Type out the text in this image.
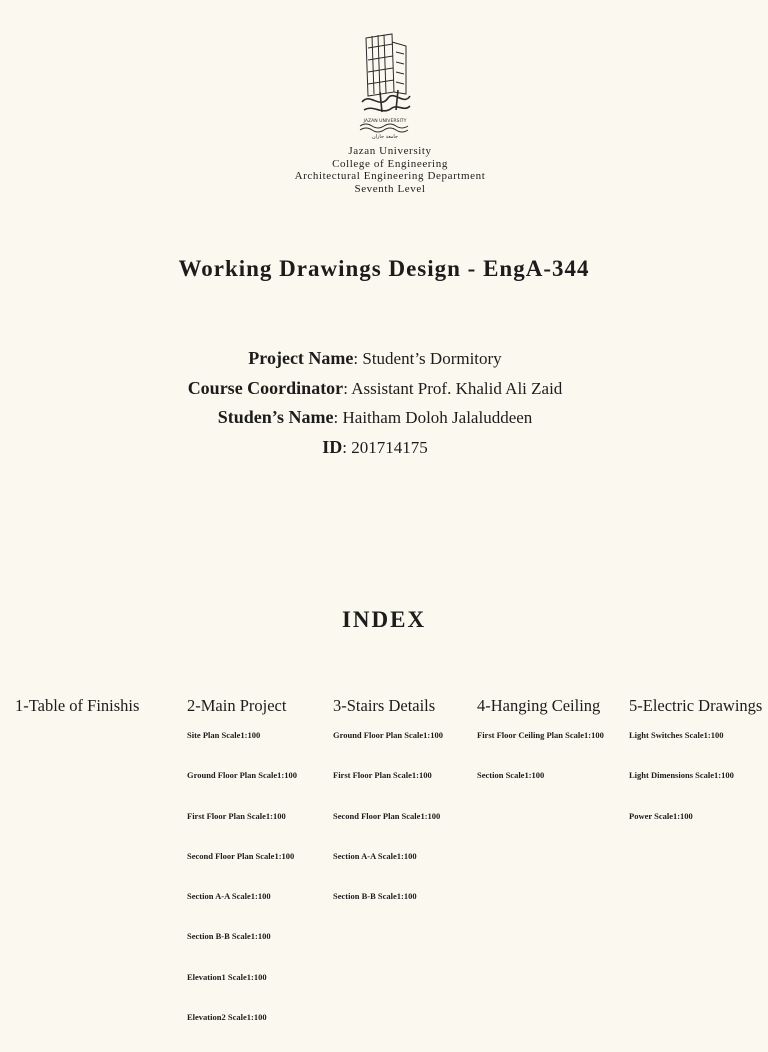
JAZAN UNIVERSITY
جامعة جازان
Jazan University
College of Engineering
Architectural Engineering Department
Seventh Level
Working Drawings Design - EngA-344
Project Name: Student’s Dormitory
Course Coordinator: Assistant Prof. Khalid Ali Zaid
Studen’s Name: Haitham Doloh Jalaluddeen
ID: 201714175
INDEX
1-Table of Finishis	2-Main Project
Site Plan Scale1:100
Ground Floor Plan Scale1:100
First Floor Plan Scale1:100
Second Floor Plan Scale1:100
Section A-A Scale1:100
Section B-B Scale1:100
Elevation1 Scale1:100
Elevation2 Scale1:100
3-Stairs Details
Ground Floor Plan Scale1:100
First Floor Plan Scale1:100
Second Floor Plan Scale1:100
Section A-A Scale1:100
Section B-B Scale1:100
4-Hanging Ceiling
First Floor Ceiling Plan Scale1:100
Section Scale1:100
5-Electric Drawings
Light Switches Scale1:100
Light Dimensions Scale1:100
Power Scale1:100
